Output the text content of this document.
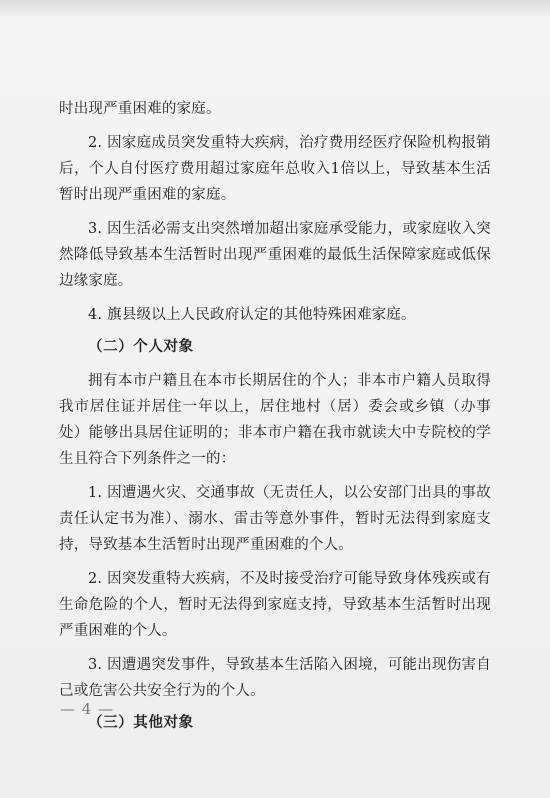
时出现严重困难的家庭。

2. 因家庭成员突发重特大疾病，治疗费用经医疗保险机构报销后，个人自付医疗费用超过家庭年总收入1倍以上，导致基本生活暂时出现严重困难的家庭。

3. 因生活必需支出突然增加超出家庭承受能力，或家庭收入突然降低导致基本生活暂时出现严重困难的最低生活保障家庭或低保边缘家庭。

4. 旗县级以上人民政府认定的其他特殊困难家庭。

（二）个人对象

拥有本市户籍且在本市长期居住的个人；非本市户籍人员取得我市居住证并居住一年以上，居住地村（居）委会或乡镇（办事处）能够出具居住证明的；非本市户籍在我市就读大中专院校的学生且符合下列条件之一的：

1. 因遭遇火灾、交通事故（无责任人，以公安部门出具的事故责任认定书为准）、溺水、雷击等意外事件，暂时无法得到家庭支持，导致基本生活暂时出现严重困难的个人。

2. 因突发重特大疾病，不及时接受治疗可能导致身体残疾或有生命危险的个人，暂时无法得到家庭支持，导致基本生活暂时出现严重困难的个人。

3. 因遭遇突发事件，导致基本生活陷入困境，可能出现伤害自己或危害公共安全行为的个人。

（三）其他对象

— 4 —
